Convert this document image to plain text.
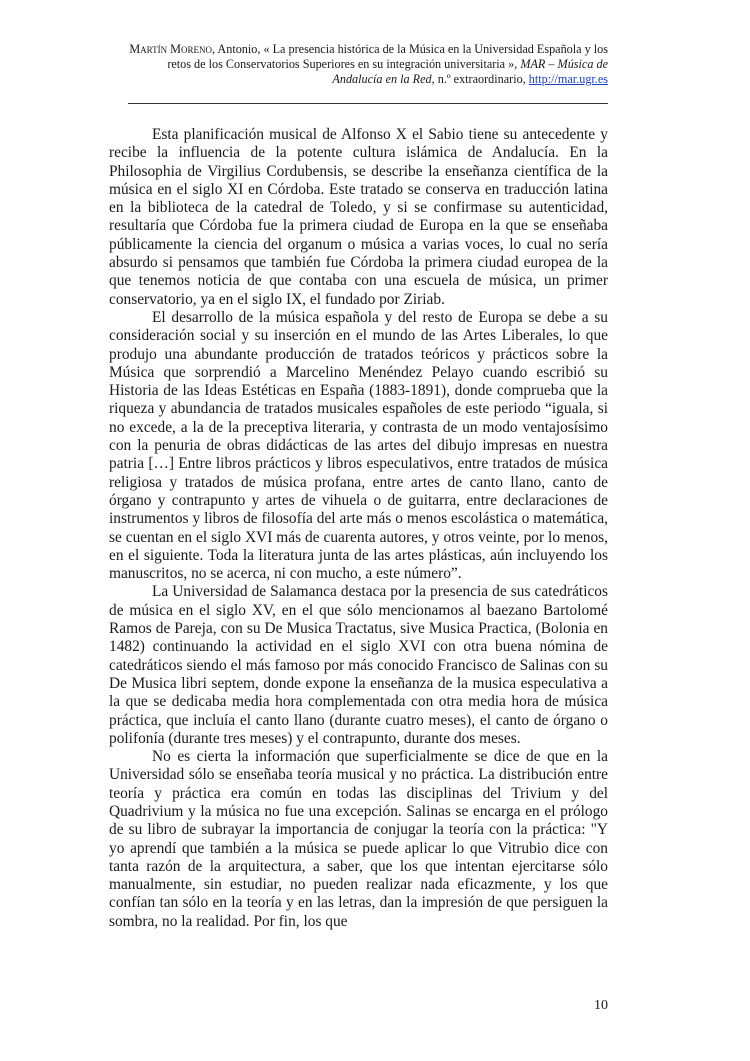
Martín Moreno, Antonio, « La presencia histórica de la Música en la Universidad Española y los retos de los Conservatorios Superiores en su integración universitaria », MAR – Música de Andalucía en la Red, n.º extraordinario, http://mar.ugr.es

Esta planificación musical de Alfonso X el Sabio tiene su antecedente y recibe la influencia de la potente cultura islámica de Andalucía. En la Philosophia de Virgilius Cordubensis, se describe la enseñanza científica de la música en el siglo XI en Córdoba. Este tratado se conserva en traducción latina en la biblioteca de la catedral de Toledo, y si se confirmase su autenticidad, resultaría que Córdoba fue la primera ciudad de Europa en la que se enseñaba públicamente la ciencia del organum o música a varias voces, lo cual no sería absurdo si pensamos que también fue Córdoba la primera ciudad europea de la que tenemos noticia de que contaba con una escuela de música, un primer conservatorio, ya en el siglo IX, el fundado por Ziriab.

El desarrollo de la música española y del resto de Europa se debe a su consideración social y su inserción en el mundo de las Artes Liberales, lo que produjo una abundante producción de tratados teóricos y prácticos sobre la Música que sorprendió a Marcelino Menéndez Pelayo cuando escribió su Historia de las Ideas Estéticas en España (1883-1891), donde comprueba que la riqueza y abundancia de tratados musicales españoles de este periodo “iguala, si no excede, a la de la preceptiva literaria, y contrasta de un modo ventajosísimo con la penuria de obras didácticas de las artes del dibujo impresas en nuestra patria […] Entre libros prácticos y libros especulativos, entre tratados de música religiosa y tratados de música profana, entre artes de canto llano, canto de órgano y contrapunto y artes de vihuela o de guitarra, entre declaraciones de instrumentos y libros de filosofía del arte más o menos escolástica o matemática, se cuentan en el siglo XVI más de cuarenta autores, y otros veinte, por lo menos, en el siguiente. Toda la literatura junta de las artes plásticas, aún incluyendo los manuscritos, no se acerca, ni con mucho, a este número”.

La Universidad de Salamanca destaca por la presencia de sus catedráticos de música en el siglo XV, en el que sólo mencionamos al baezano Bartolomé Ramos de Pareja, con su De Musica Tractatus, sive Musica Practica, (Bolonia en 1482) continuando la actividad en el siglo XVI con otra buena nómina de catedráticos siendo el más famoso por más conocido Francisco de Salinas con su De Musica libri septem, donde expone la enseñanza de la musica especulativa a la que se dedicaba media hora complementada con otra media hora de música práctica, que incluía el canto llano (durante cuatro meses), el canto de órgano o polifonía (durante tres meses) y el contrapunto, durante dos meses.

No es cierta la información que superficialmente se dice de que en la Universidad sólo se enseñaba teoría musical y no práctica. La distribución entre teoría y práctica era común en todas las disciplinas del Trivium y del Quadrivium y la música no fue una excepción. Salinas se encarga en el prólogo de su libro de subrayar la importancia de conjugar la teoría con la práctica: "Y yo aprendí que también a la música se puede aplicar lo que Vitrubio dice con tanta razón de la arquitectura, a saber, que los que intentan ejercitarse sólo manualmente, sin estudiar, no pueden realizar nada eficazmente, y los que confían tan sólo en la teoría y en las letras, dan la impresión de que persiguen la sombra, no la realidad. Por fin, los que

10
